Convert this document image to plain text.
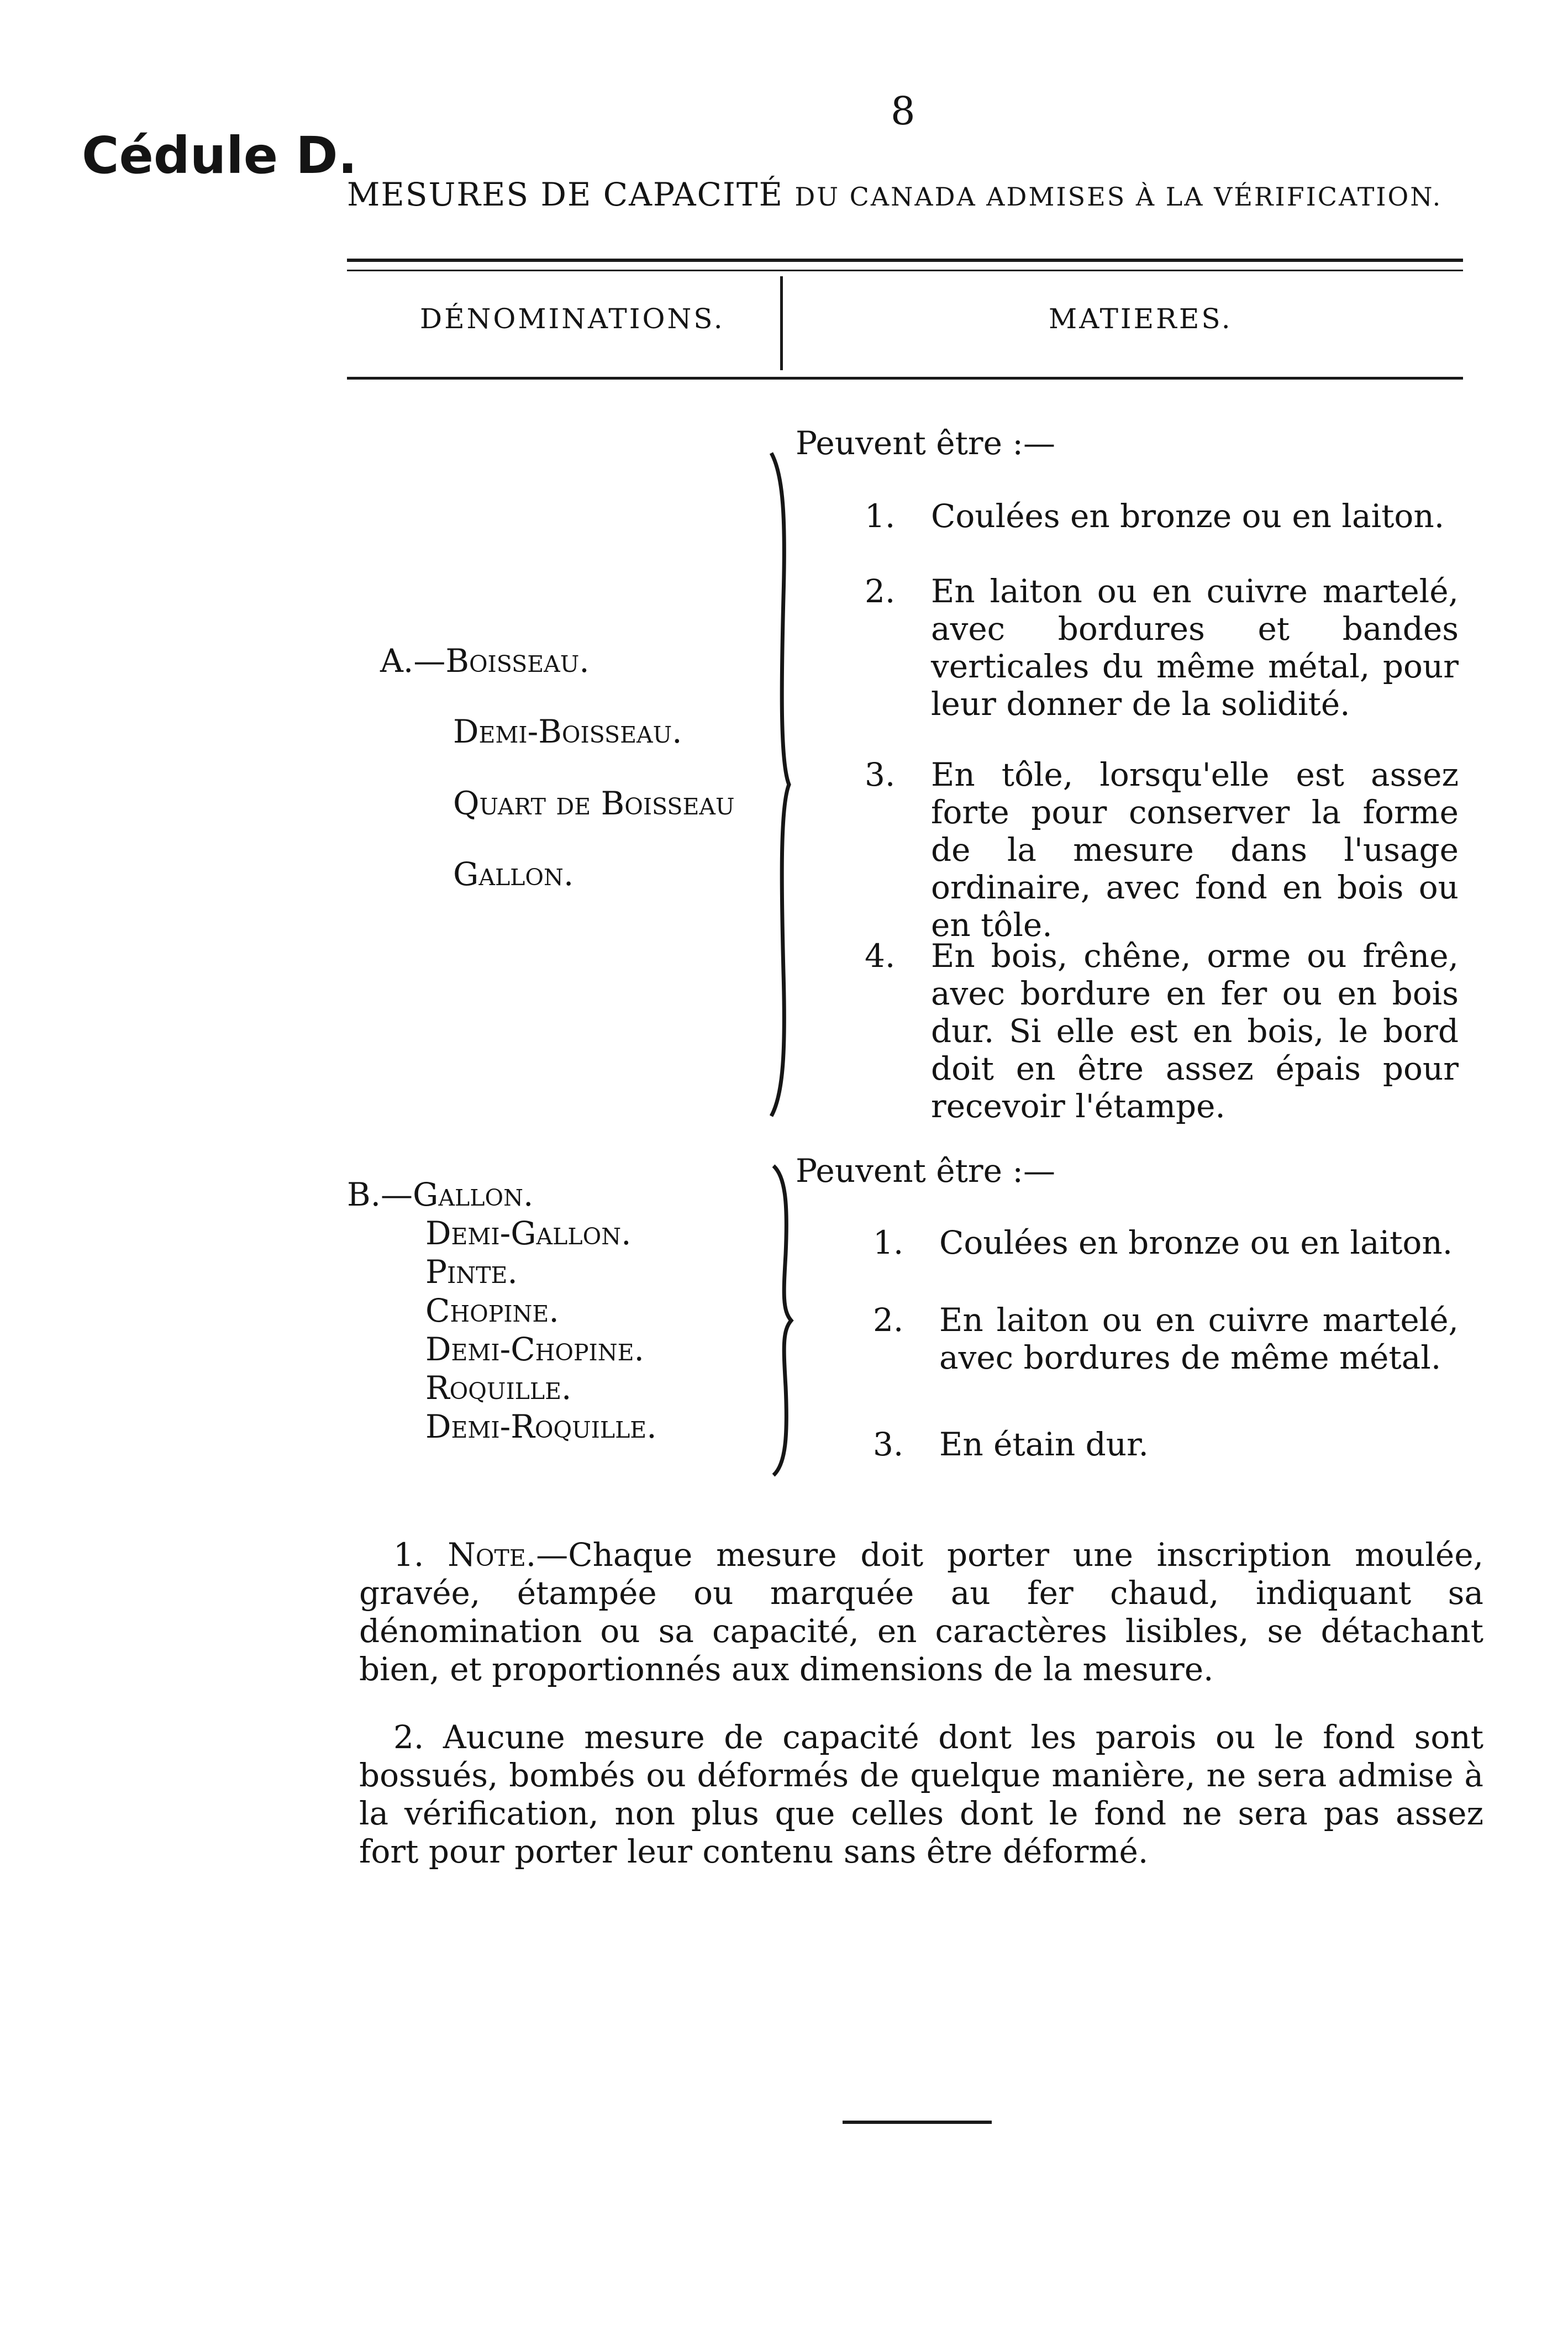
8
Cédule D.
MESURES DE CAPACITÉ DU CANADA ADMISES À LA VÉRIFICATION.
DÉNOMINATIONS.	MATIERES.
A.—Boisseau.
Demi-Boisseau.
Quart de Boisseau
Gallon.
Peuvent être :—
1. Coulées en bronze ou en laiton.
2. En laiton ou en cuivre martelé, avec bordures et bandes verticales du même métal, pour leur donner de la solidité.
3. En tôle, lorsqu'elle est assez forte pour conserver la forme de la mesure dans l'usage ordinaire, avec fond en bois ou en tôle.
4. En bois, chêne, orme ou frêne, avec bordure en fer ou en bois dur. Si elle est en bois, le bord doit en être assez épais pour recevoir l'étampe.
B.—Gallon.
Demi-Gallon.
Pinte.
Chopine.
Demi-Chopine.
Roquille.
Demi-Roquille.
Peuvent être :—
1. Coulées en bronze ou en laiton.
2. En laiton ou en cuivre martelé, avec bordures de même métal.
3. En étain dur.
1. Note.—Chaque mesure doit porter une inscription moulée, gravée, étampée ou marquée au fer chaud, indiquant sa dénomination ou sa capacité, en caractères lisibles, se détachant bien, et proportionnés aux dimensions de la mesure.
2. Aucune mesure de capacité dont les parois ou le fond sont bossués, bombés ou déformés de quelque manière, ne sera admise à la vérification, non plus que celles dont le fond ne sera pas assez fort pour porter leur contenu sans être déformé.
